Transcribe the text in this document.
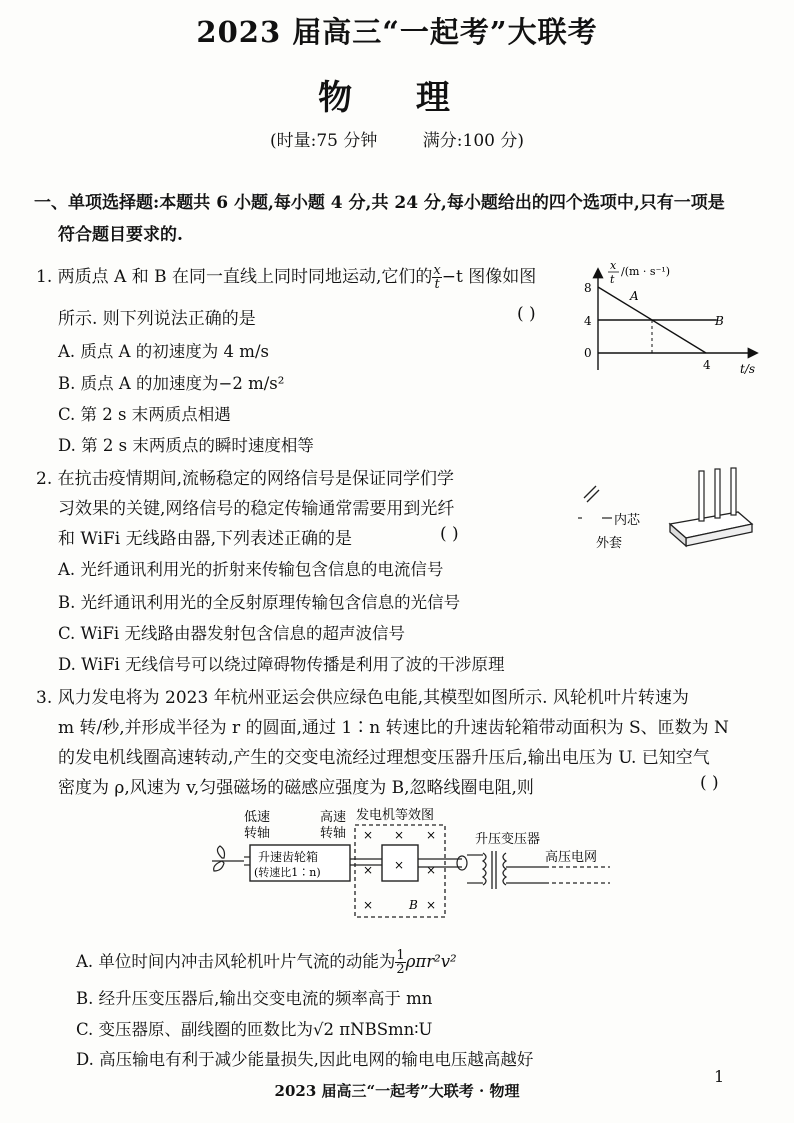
2023 届高三“一起考”大联考
物 理
(时量:75 分钟	满分:100 分)
一、单项选择题:本题共 6 小题,每小题 4 分,共 24 分,每小题给出的四个选项中,只有一项是
符合题目要求的.
1. 两质点 A 和 B 在同一直线上同时同地运动,它们的 $\frac{x}{t} -t$ 图像如图
所示. 则下列说法正确的是	( )
A. 质点 A 的初速度为 4 m/s
B. 质点 A 的加速度为−2 m/s²
C. 第 2 s 末两质点相遇
D. 第 2 s 末两质点的瞬时速度相等
x
t
/(m · s⁻¹)
t/s
8
4
0
4
A
B
2. 在抗击疫情期间,流畅稳定的网络信号是保证同学们学
习效果的关键,网络信号的稳定传输通常需要用到光纤
和 WiFi 无线路由器,下列表述正确的是	( )
A. 光纤通讯利用光的折射来传输包含信息的电流信号
B. 光纤通讯利用光的全反射原理传输包含信息的光信号
C. WiFi 无线路由器发射包含信息的超声波信号
D. WiFi 无线信号可以绕过障碍物传播是利用了波的干涉原理
内芯
外套
3. 风力发电将为 2023 年杭州亚运会供应绿色电能,其模型如图所示. 风轮机叶片转速为
m 转/秒,并形成半径为 r 的圆面,通过 1∶n 转速比的升速齿轮箱带动面积为 S、匝数为 N
的发电机线圈高速转动,产生的交变电流经过理想变压器升压后,输出电压为 U. 已知空气
密度为 ρ,风速为 v,匀强磁场的磁感应强度为 B,忽略线圈电阻,则	( )
低速
转轴
高速
转轴
发电机等效图
升压变压器
高压电网
升速齿轮箱
(转速比1∶n)
× × ×
×	×
×	×
B
×
A. 单位时间内冲击风轮机叶片气流的动能为 $\frac{1}{2} \rho\pi r^2v^2$
B. 经升压变压器后,输出交变电流的频率高于 mn
C. 变压器原、副线圈的匝数比为√2 πNBSmn∶U
D. 高压输电有利于减少能量损失,因此电网的输电电压越高越好
1
2023 届高三“一起考”大联考 · 物理
